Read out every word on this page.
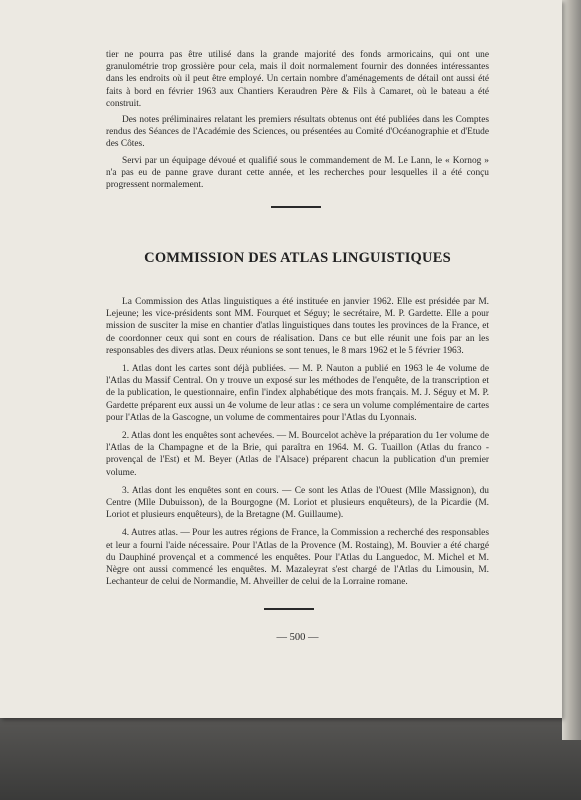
tier ne pourra pas être utilisé dans la grande majorité des fonds armoricains, qui ont une granulométrie trop grossière pour cela, mais il doit normalement fournir des données intéressantes dans les endroits où il peut être employé. Un certain nombre d'aménagements de détail ont aussi été faits à bord en février 1963 aux Chantiers Keraudren Père & Fils à Camaret, où le bateau a été construit.

Des notes préliminaires relatant les premiers résultats obtenus ont été publiées dans les Comptes rendus des Séances de l'Académie des Sciences, ou présentées au Comité d'Océanographie et d'Etude des Côtes.

Servi par un équipage dévoué et qualifié sous le commandement de M. Le Lann, le « Kornog » n'a pas eu de panne grave durant cette année, et les recherches pour lesquelles il a été conçu progressent normalement.

COMMISSION DES ATLAS LINGUISTIQUES

La Commission des Atlas linguistiques a été instituée en janvier 1962. Elle est présidée par M. Lejeune; les vice-présidents sont MM. Fourquet et Séguy; le secrétaire, M. P. Gardette. Elle a pour mission de susciter la mise en chantier d'atlas linguistiques dans toutes les provinces de la France, et de coordonner ceux qui sont en cours de réalisation. Dans ce but elle réunit une fois par an les responsables des divers atlas. Deux réunions se sont tenues, le 8 mars 1962 et le 5 février 1963.

1. Atlas dont les cartes sont déjà publiées. — M. P. Nauton a publié en 1963 le 4e volume de l'Atlas du Massif Central. On y trouve un exposé sur les méthodes de l'enquête, de la transcription et de la publication, le questionnaire, enfin l'index alphabétique des mots français. M. J. Séguy et M. P. Gardette préparent eux aussi un 4e volume de leur atlas : ce sera un volume complémentaire de cartes pour l'Atlas de la Gascogne, un volume de commentaires pour l'Atlas du Lyonnais.

2. Atlas dont les enquêtes sont achevées. — M. Bourcelot achève la préparation du 1er volume de l'Atlas de la Champagne et de la Brie, qui paraîtra en 1964. M. G. Tuaillon (Atlas du franco - provençal de l'Est) et M. Beyer (Atlas de l'Alsace) préparent chacun la publication d'un premier volume.

3. Atlas dont les enquêtes sont en cours. — Ce sont les Atlas de l'Ouest (Mlle Massignon), du Centre (Mlle Dubuisson), de la Bourgogne (M. Loriot et plusieurs enquêteurs), de la Picardie (M. Loriot et plusieurs enquêteurs), de la Bretagne (M. Guillaume).

4. Autres atlas. — Pour les autres régions de France, la Commission a recherché des responsables et leur a fourni l'aide nécessaire. Pour l'Atlas de la Provence (M. Rostaing), M. Bouvier a été chargé du Dauphiné provençal et a commencé les enquêtes. Pour l'Atlas du Languedoc, M. Michel et M. Nègre ont aussi commencé les enquêtes. M. Mazaleyrat s'est chargé de l'Atlas du Limousin, M. Lechanteur de celui de Normandie, M. Ahveiller de celui de la Lorraine romane.

— 500 —
